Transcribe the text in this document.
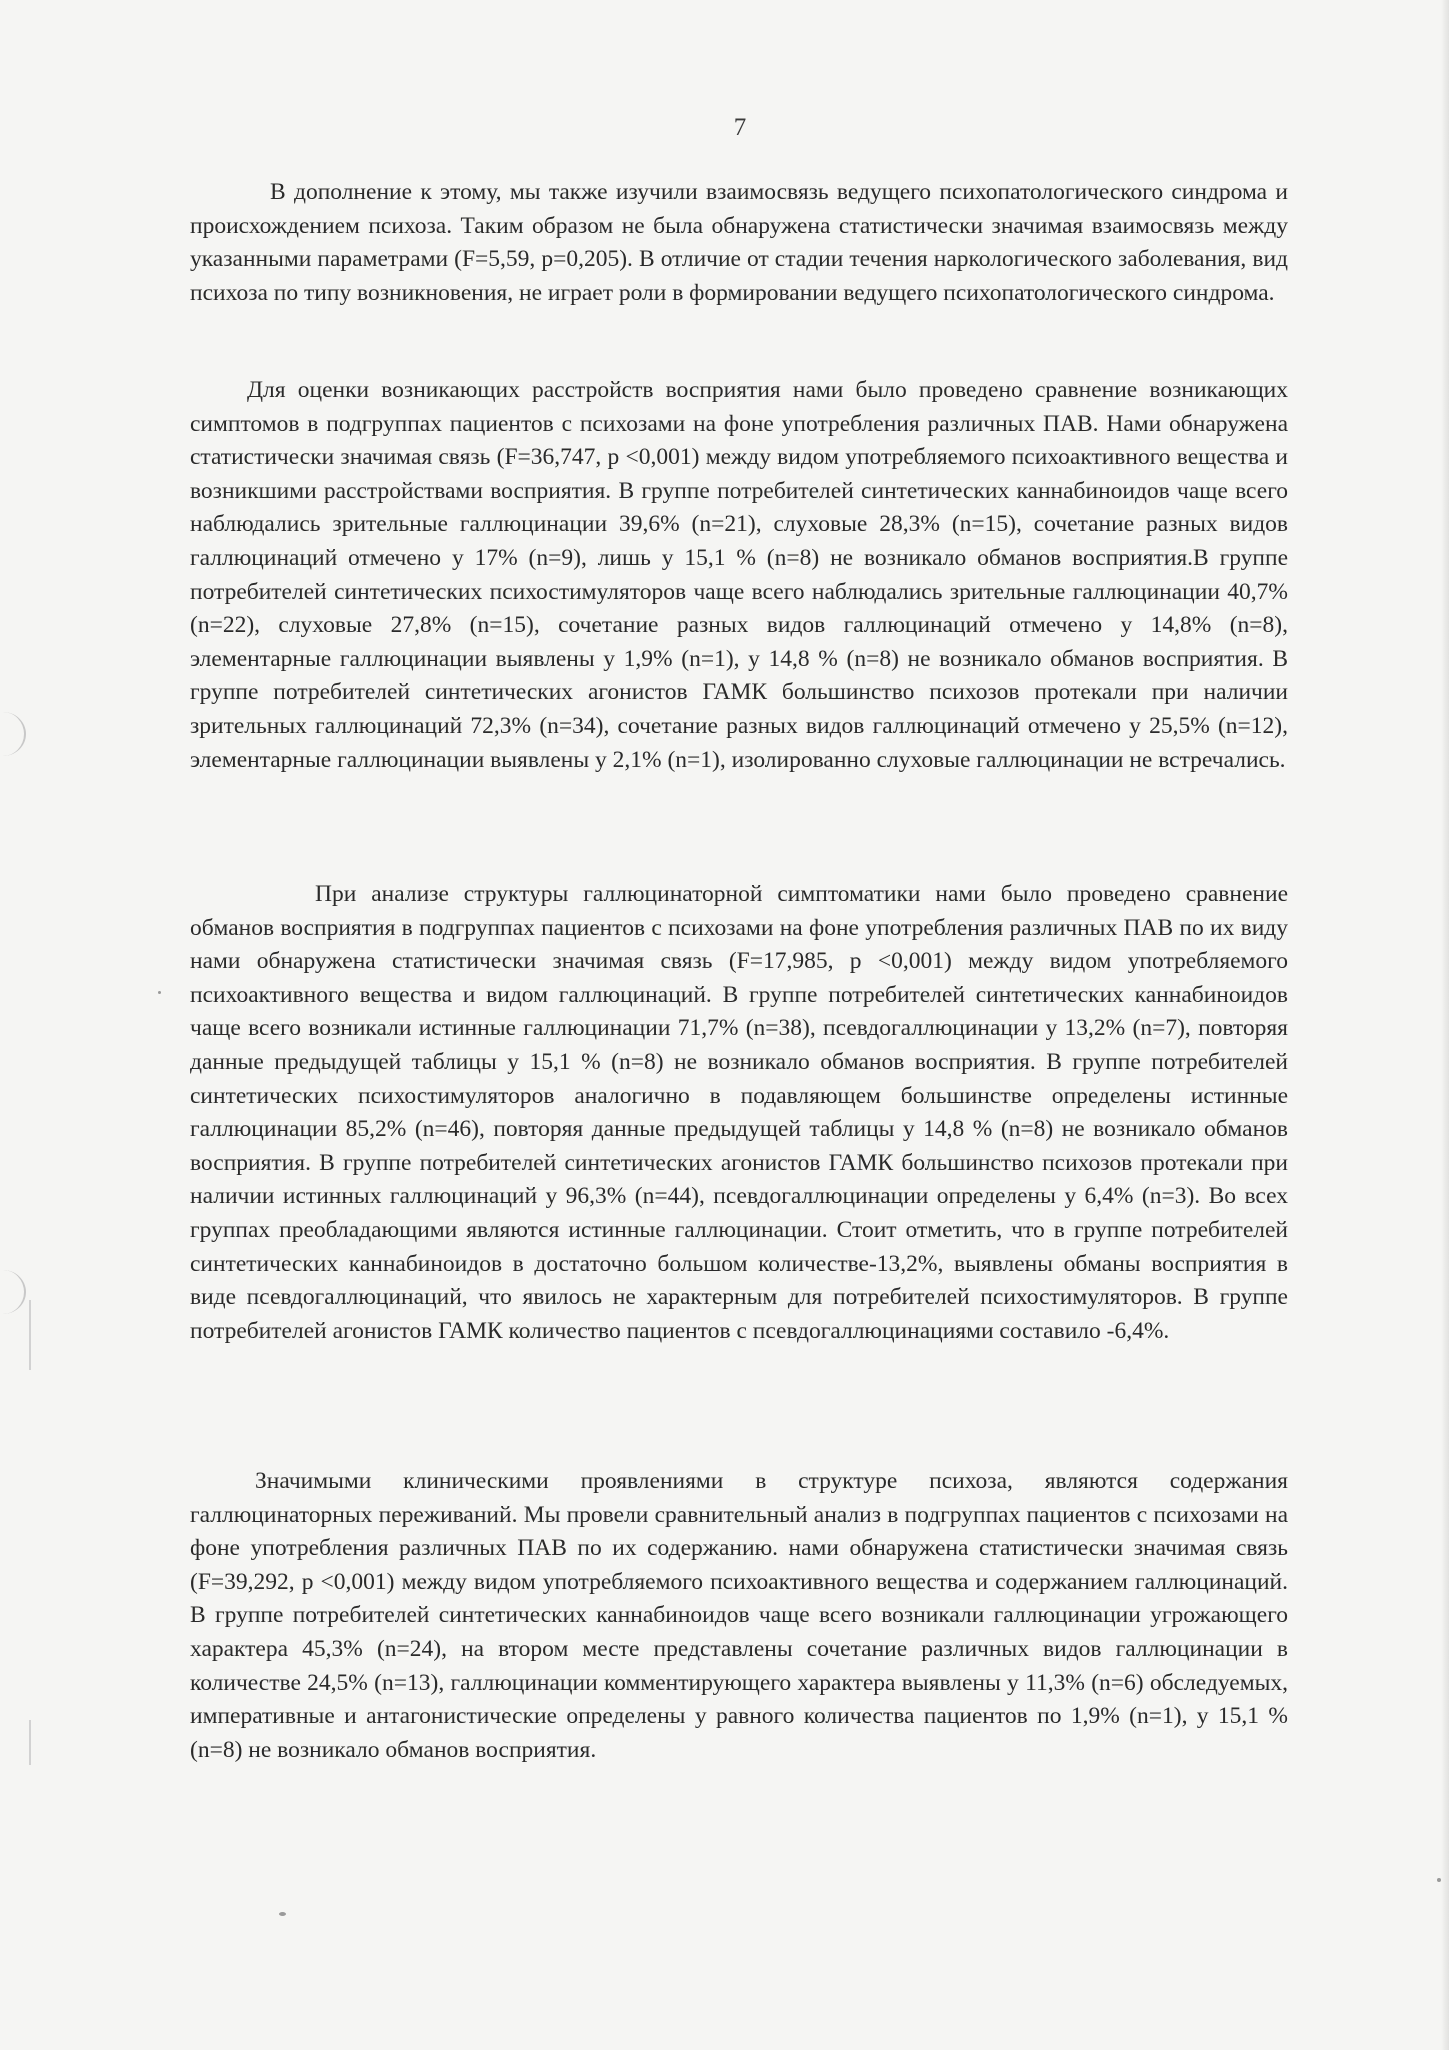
7

В дополнение к этому, мы также изучили взаимосвязь ведущего психопатологического синдрома и происхождением психоза. Таким образом не была обнаружена статистически значимая взаимосвязь между указанными параметрами (F=5,59, p=0,205). В отличие от стадии течения наркологического заболевания, вид психоза по типу возникновения, не играет роли в формировании ведущего психопатологического синдрома.

Для оценки возникающих расстройств восприятия нами было проведено сравнение возникающих симптомов в подгруппах пациентов с психозами на фоне употребления различных ПАВ. Нами обнаружена статистически значимая связь (F=36,747, p <0,001) между видом употребляемого психоактивного вещества и возникшими расстройствами восприятия. В группе потребителей синтетических каннабиноидов чаще всего наблюдались зрительные галлюцинации 39,6% (n=21), слуховые 28,3% (n=15), сочетание разных видов галлюцинаций отмечено у 17% (n=9), лишь у 15,1 % (n=8) не возникало обманов восприятия.В группе потребителей синтетических психостимуляторов чаще всего наблюдались зрительные галлюцинации 40,7% (n=22), слуховые 27,8% (n=15), сочетание разных видов галлюцинаций отмечено у 14,8% (n=8), элементарные галлюцинации выявлены у 1,9% (n=1), у 14,8 % (n=8) не возникало обманов восприятия. В группе потребителей синтетических агонистов ГАМК большинство психозов протекали при наличии зрительных галлюцинаций 72,3% (n=34), сочетание разных видов галлюцинаций отмечено у 25,5% (n=12), элементарные галлюцинации выявлены у 2,1% (n=1), изолированно слуховые галлюцинации не встречались.

При анализе структуры галлюцинаторной симптоматики нами было проведено сравнение обманов восприятия в подгруппах пациентов с психозами на фоне употребления различных ПАВ по их виду нами обнаружена статистически значимая связь (F=17,985, p <0,001) между видом употребляемого психоактивного вещества и видом галлюцинаций. В группе потребителей синтетических каннабиноидов чаще всего возникали истинные галлюцинации 71,7% (n=38), псевдогаллюцинации у 13,2% (n=7), повторяя данные предыдущей таблицы у 15,1 % (n=8) не возникало обманов восприятия. В группе потребителей синтетических психостимуляторов аналогично в подавляющем большинстве определены истинные галлюцинации 85,2% (n=46), повторяя данные предыдущей таблицы у 14,8 % (n=8) не возникало обманов восприятия. В группе потребителей синтетических агонистов ГАМК большинство психозов протекали при наличии истинных галлюцинаций у 96,3% (n=44), псевдогаллюцинации определены у 6,4% (n=3). Во всех группах преобладающими являются истинные галлюцинации. Стоит отметить, что в группе потребителей синтетических каннабиноидов в достаточно большом количестве-13,2%, выявлены обманы восприятия в виде псевдогаллюцинаций, что явилось не характерным для потребителей психостимуляторов. В группе потребителей агонистов ГАМК количество пациентов с псевдогаллюцинациями составило -6,4%.

Значимыми клиническими проявлениями в структуре психоза, являются содержания галлюцинаторных переживаний. Мы провели сравнительный анализ в подгруппах пациентов с психозами на фоне употребления различных ПАВ по их содержанию. нами обнаружена статистически значимая связь (F=39,292, p <0,001) между видом употребляемого психоактивного вещества и содержанием галлюцинаций. В группе потребителей синтетических каннабиноидов чаще всего возникали галлюцинации угрожающего характера 45,3% (n=24), на втором месте представлены сочетание различных видов галлюцинации в количестве 24,5% (n=13), галлюцинации комментирующего характера выявлены у 11,3% (n=6) обследуемых, императивные и антагонистические определены у равного количества пациентов по 1,9% (n=1), у 15,1 % (n=8) не возникало обманов восприятия.
